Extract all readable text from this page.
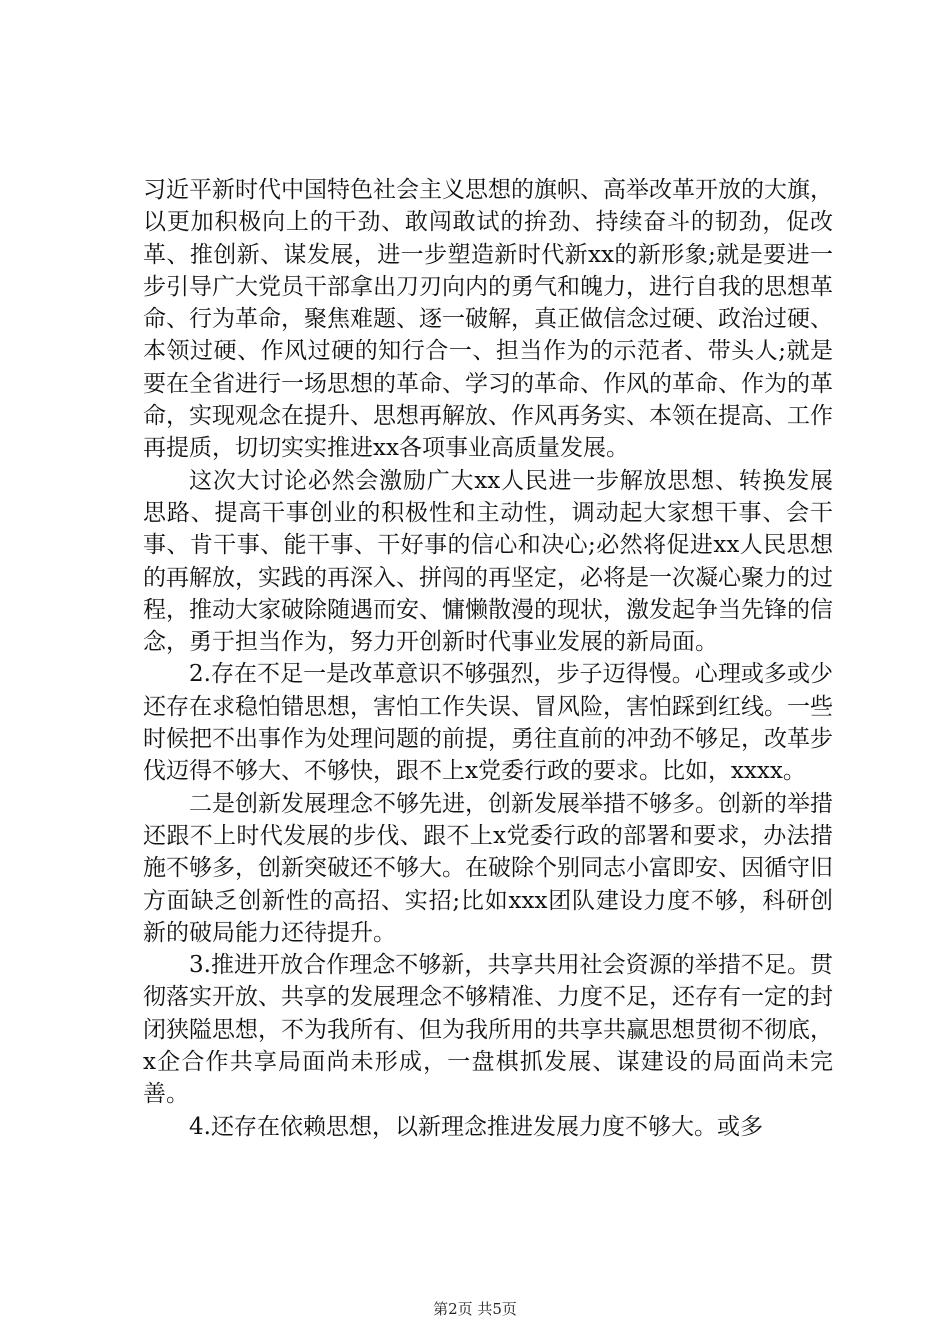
习近平新时代中国特色社会主义思想的旗帜、高举改革开放的大旗，以更加积极向上的干劲、敢闯敢试的拚劲、持续奋斗的韧劲，促改革、推创新、谋发展，进一步塑造新时代新xx的新形象;就是要进一步引导广大党员干部拿出刀刃向内的勇气和魄力，进行自我的思想革命、行为革命，聚焦难题、逐一破解，真正做信念过硬、政治过硬、本领过硬、作风过硬的知行合一、担当作为的示范者、带头人;就是要在全省进行一场思想的革命、学习的革命、作风的革命、作为的革命，实现观念在提升、思想再解放、作风再务实、本领在提高、工作再提质，切切实实推进xx各项事业高质量发展。

这次大讨论必然会激励广大xx人民进一步解放思想、转换发展思路、提高干事创业的积极性和主动性，调动起大家想干事、会干事、肯干事、能干事、干好事的信心和决心;必然将促进xx人民思想的再解放，实践的再深入、拼闯的再坚定，必将是一次凝心聚力的过程，推动大家破除随遇而安、慵懒散漫的现状，激发起争当先锋的信念，勇于担当作为，努力开创新时代事业发展的新局面。

2.存在不足一是改革意识不够强烈，步子迈得慢。心理或多或少还存在求稳怕错思想，害怕工作失误、冒风险，害怕踩到红线。一些时候把不出事作为处理问题的前提，勇往直前的冲劲不够足，改革步伐迈得不够大、不够快，跟不上x党委行政的要求。比如，xxxx。

二是创新发展理念不够先进，创新发展举措不够多。创新的举措还跟不上时代发展的步伐、跟不上x党委行政的部署和要求，办法措施不够多，创新突破还不够大。在破除个别同志小富即安、因循守旧方面缺乏创新性的高招、实招;比如xxx团队建设力度不够，科研创新的破局能力还待提升。

3.推进开放合作理念不够新，共享共用社会资源的举措不足。贯彻落实开放、共享的发展理念不够精准、力度不足，还存有一定的封闭狭隘思想，不为我所有、但为我所用的共享共赢思想贯彻不彻底，x企合作共享局面尚未形成，一盘棋抓发展、谋建设的局面尚未完善。

4.还存在依赖思想，以新理念推进发展力度不够大。或多

第2页 共5页
